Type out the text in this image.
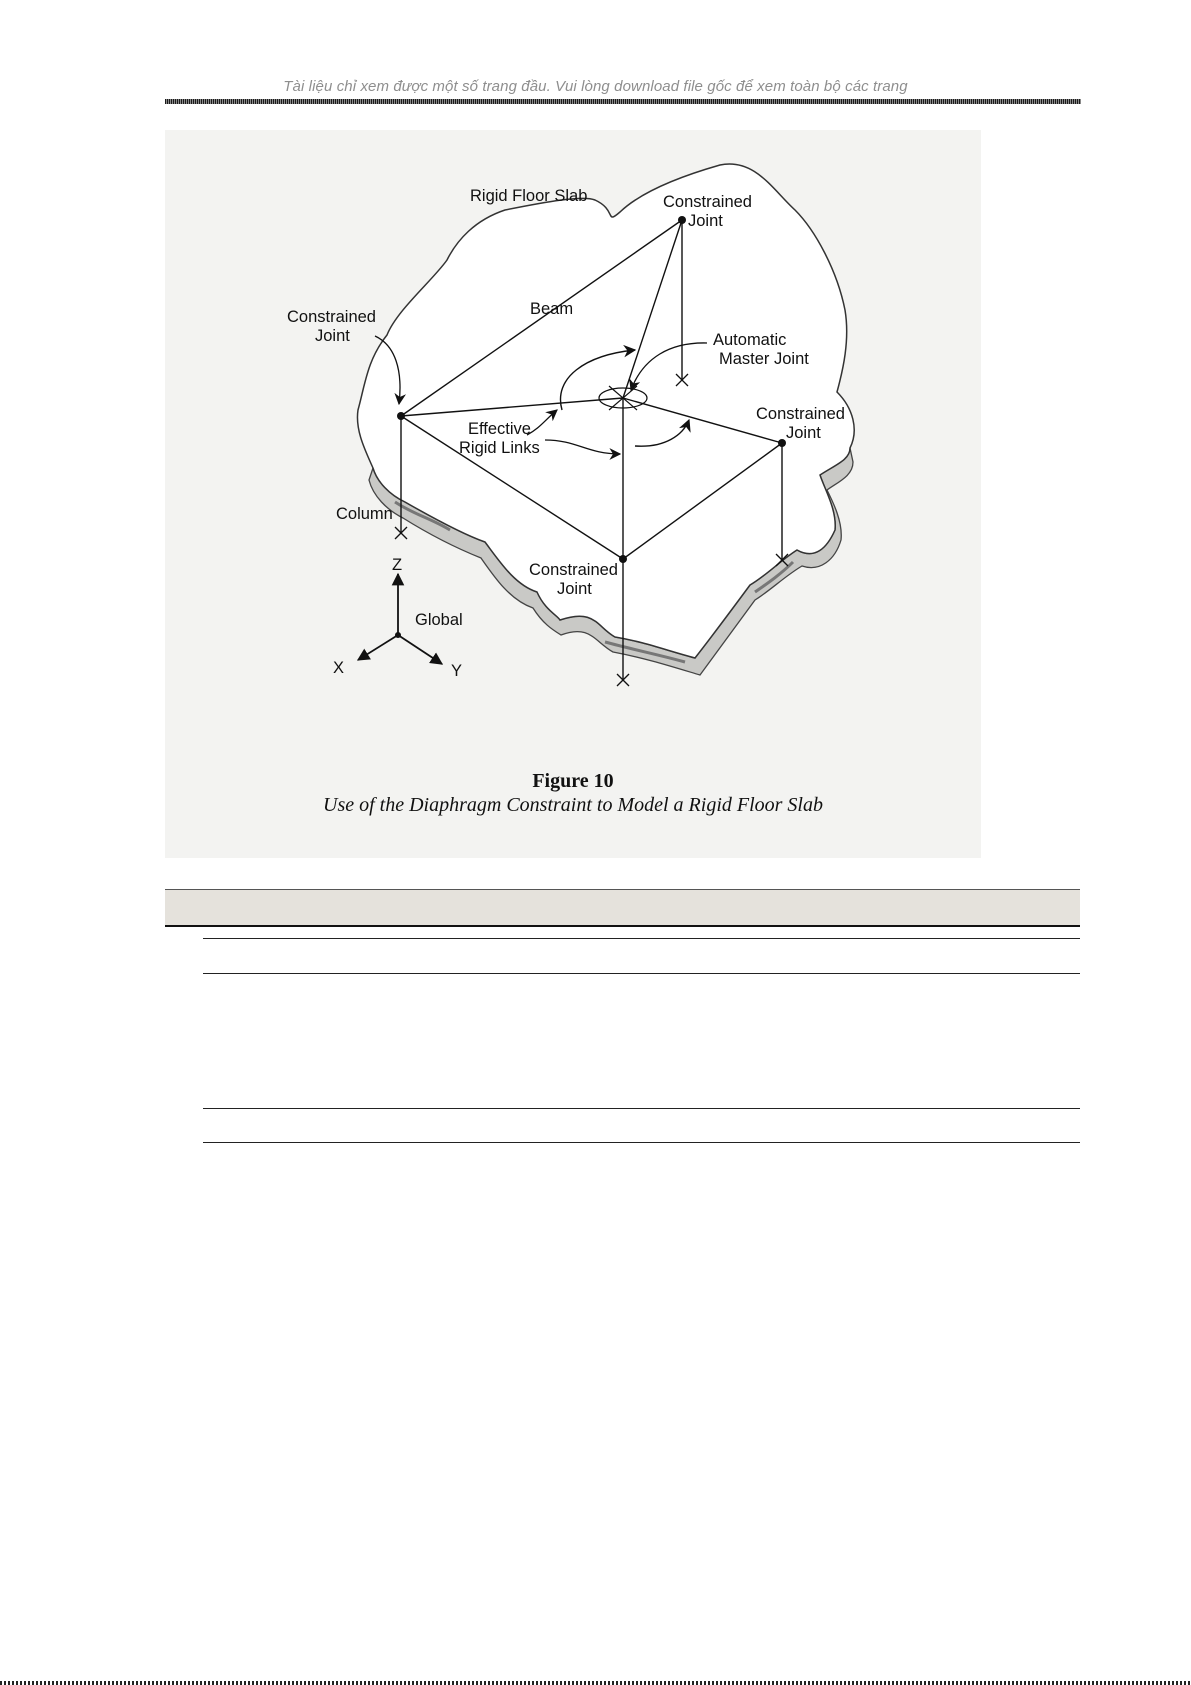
Tài liệu chỉ xem được một số trang đầu. Vui lòng download file gốc để xem toàn bộ các trang
Rigid Floor Slab	Constrained
Joint
Constrained
Joint
Beam
Automatic
Master Joint
Constrained
Joint
Effective
Rigid Links
Column
Constrained
Joint
Global
Z
X	Y
Figure 10
Use of the Diaphragm Constraint to Model a Rigid Floor Slab
